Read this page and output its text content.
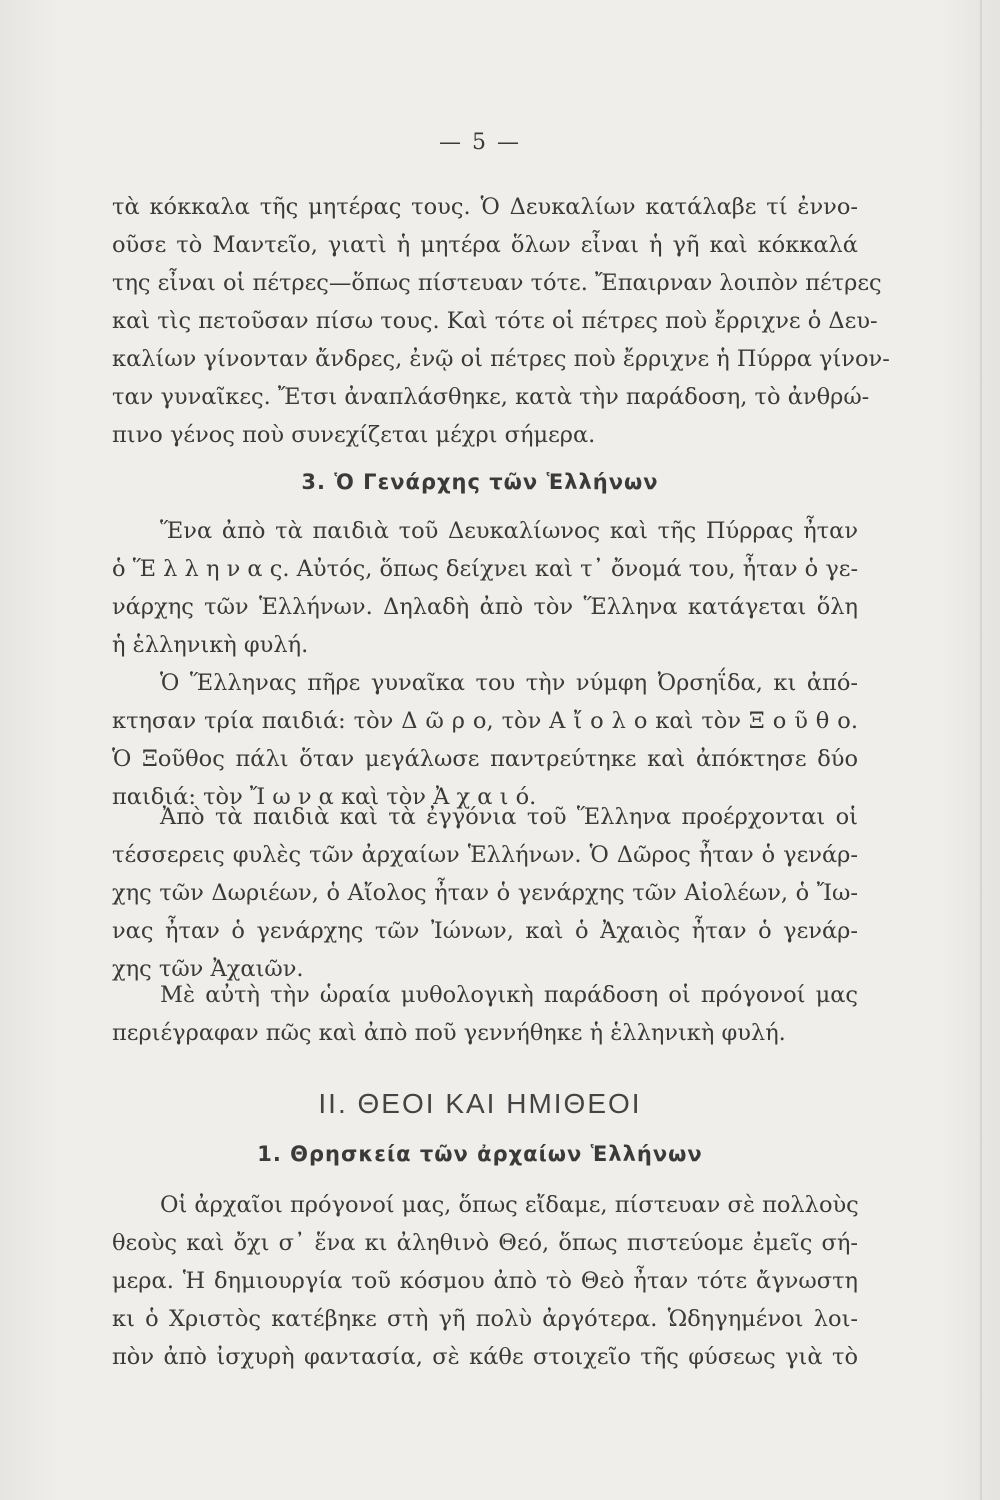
— 5 —
τὰ κόκκαλα τῆς μητέρας τους. Ὁ Δευκαλίων κατάλαβε τί ἐννο-
οῦσε τὸ Μαντεῖο, γιατὶ ἡ μητέρα ὅλων εἶναι ἡ γῆ καὶ κόκκαλά
της εἶναι οἱ πέτρες—ὅπως πίστευαν τότε. Ἔπαιρναν λοιπὸν πέτρες
καὶ τὶς πετοῦσαν πίσω τους. Καὶ τότε οἱ πέτρες ποὺ ἔρριχνε ὁ Δευ-
καλίων γίνονταν ἄνδρες, ἐνῷ οἱ πέτρες ποὺ ἔρριχνε ἡ Πύρρα γίνον-
ταν γυναῖκες. Ἔτσι ἀναπλάσθηκε, κατὰ τὴν παράδοση, τὸ ἀνθρώ-
πινο γένος ποὺ συνεχίζεται μέχρι σήμερα.
3. Ὁ Γενάρχης τῶν Ἑλλήνων
Ἕνα ἀπὸ τὰ παιδιὰ τοῦ Δευκαλίωνος καὶ τῆς Πύρρας ἦταν
ὁ Ἕ λ λ η ν α ς. Αὐτός, ὅπως δείχνει καὶ τ᾽ ὄνομά του, ἦταν ὁ γε-
νάρχης τῶν Ἑλλήνων. Δηλαδὴ ἀπὸ τὸν Ἕλληνα κατάγεται ὅλη
ἡ ἑλληνικὴ φυλή.
Ὁ Ἕλληνας πῆρε γυναῖκα του τὴν νύμφη Ὀρσηΐδα, κι ἀπό-
κτησαν τρία παιδιά: τὸν Δ ῶ ρ ο, τὸν Α ἴ ο λ ο καὶ τὸν Ξ ο ῦ θ ο.
Ὁ Ξοῦθος πάλι ὅταν μεγάλωσε παντρεύτηκε καὶ ἀπόκτησε δύο
παιδιά: τὸν Ἴ ω ν α καὶ τὸν Ἀ χ α ι ό.
Ἀπὸ τὰ παιδιὰ καὶ τὰ ἐγγόνια τοῦ Ἕλληνα προέρχονται οἱ
τέσσερεις φυλὲς τῶν ἀρχαίων Ἑλλήνων. Ὁ Δῶρος ἦταν ὁ γενάρ-
χης τῶν Δωριέων, ὁ Αἴολος ἦταν ὁ γενάρχης τῶν Αἰολέων, ὁ Ἴω-
νας ἦταν ὁ γενάρχης τῶν Ἰώνων, καὶ ὁ Ἀχαιὸς ἦταν ὁ γενάρ-
χης τῶν Ἀχαιῶν.
Μὲ αὐτὴ τὴν ὡραία μυθολογικὴ παράδοση οἱ πρόγονοί μας
περιέγραφαν πῶς καὶ ἀπὸ ποῦ γεννήθηκε ἡ ἑλληνικὴ φυλή.
II. ΘΕΟΙ ΚΑΙ ΗΜΙΘΕΟΙ
1. Θρησκεία τῶν ἀρχαίων Ἑλλήνων
Οἱ ἀρχαῖοι πρόγονοί μας, ὅπως εἴδαμε, πίστευαν σὲ πολλοὺς
θεοὺς καὶ ὄχι σ᾽ ἕνα κι ἀληθινὸ Θεό, ὅπως πιστεύομε ἐμεῖς σή-
μερα. Ἡ δημιουργία τοῦ κόσμου ἀπὸ τὸ Θεὸ ἦταν τότε ἄγνωστη
κι ὁ Χριστὸς κατέβηκε στὴ γῆ πολὺ ἀργότερα. Ὡδηγημένοι λοι-
πὸν ἀπὸ ἰσχυρὴ φαντασία, σὲ κάθε στοιχεῖο τῆς φύσεως γιὰ τὸ
